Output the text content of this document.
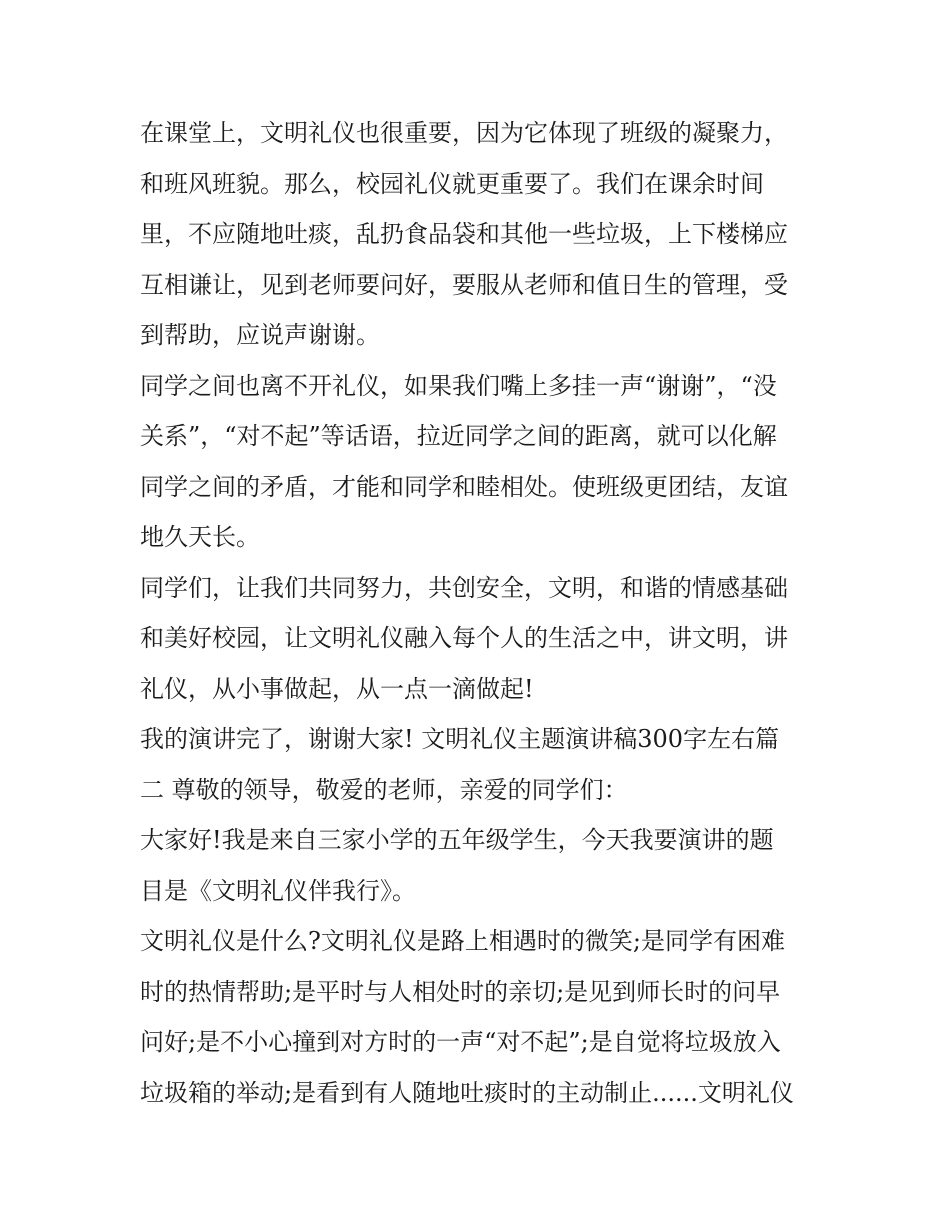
在课堂上，文明礼仪也很重要，因为它体现了班级的凝聚力，
和班风班貌。那么，校园礼仪就更重要了。我们在课余时间
里，不应随地吐痰，乱扔食品袋和其他一些垃圾，上下楼梯应
互相谦让，见到老师要问好，要服从老师和值日生的管理，受
到帮助，应说声谢谢。
同学之间也离不开礼仪，如果我们嘴上多挂一声“谢谢”，“没
关系”，“对不起”等话语，拉近同学之间的距离，就可以化解
同学之间的矛盾，才能和同学和睦相处。使班级更团结，友谊
地久天长。
同学们，让我们共同努力，共创安全，文明，和谐的情感基础
和美好校园，让文明礼仪融入每个人的生活之中，讲文明，讲
礼仪，从小事做起，从一点一滴做起!
我的演讲完了，谢谢大家! 文明礼仪主题演讲稿300字左右篇
二 尊敬的领导，敬爱的老师，亲爱的同学们：
大家好!我是来自三家小学的五年级学生，今天我要演讲的题
目是《文明礼仪伴我行》。
文明礼仪是什么?文明礼仪是路上相遇时的微笑;是同学有困难
时的热情帮助;是平时与人相处时的亲切;是见到师长时的问早
问好;是不小心撞到对方时的一声“对不起”;是自觉将垃圾放入
垃圾箱的举动;是看到有人随地吐痰时的主动制止......文明礼仪
